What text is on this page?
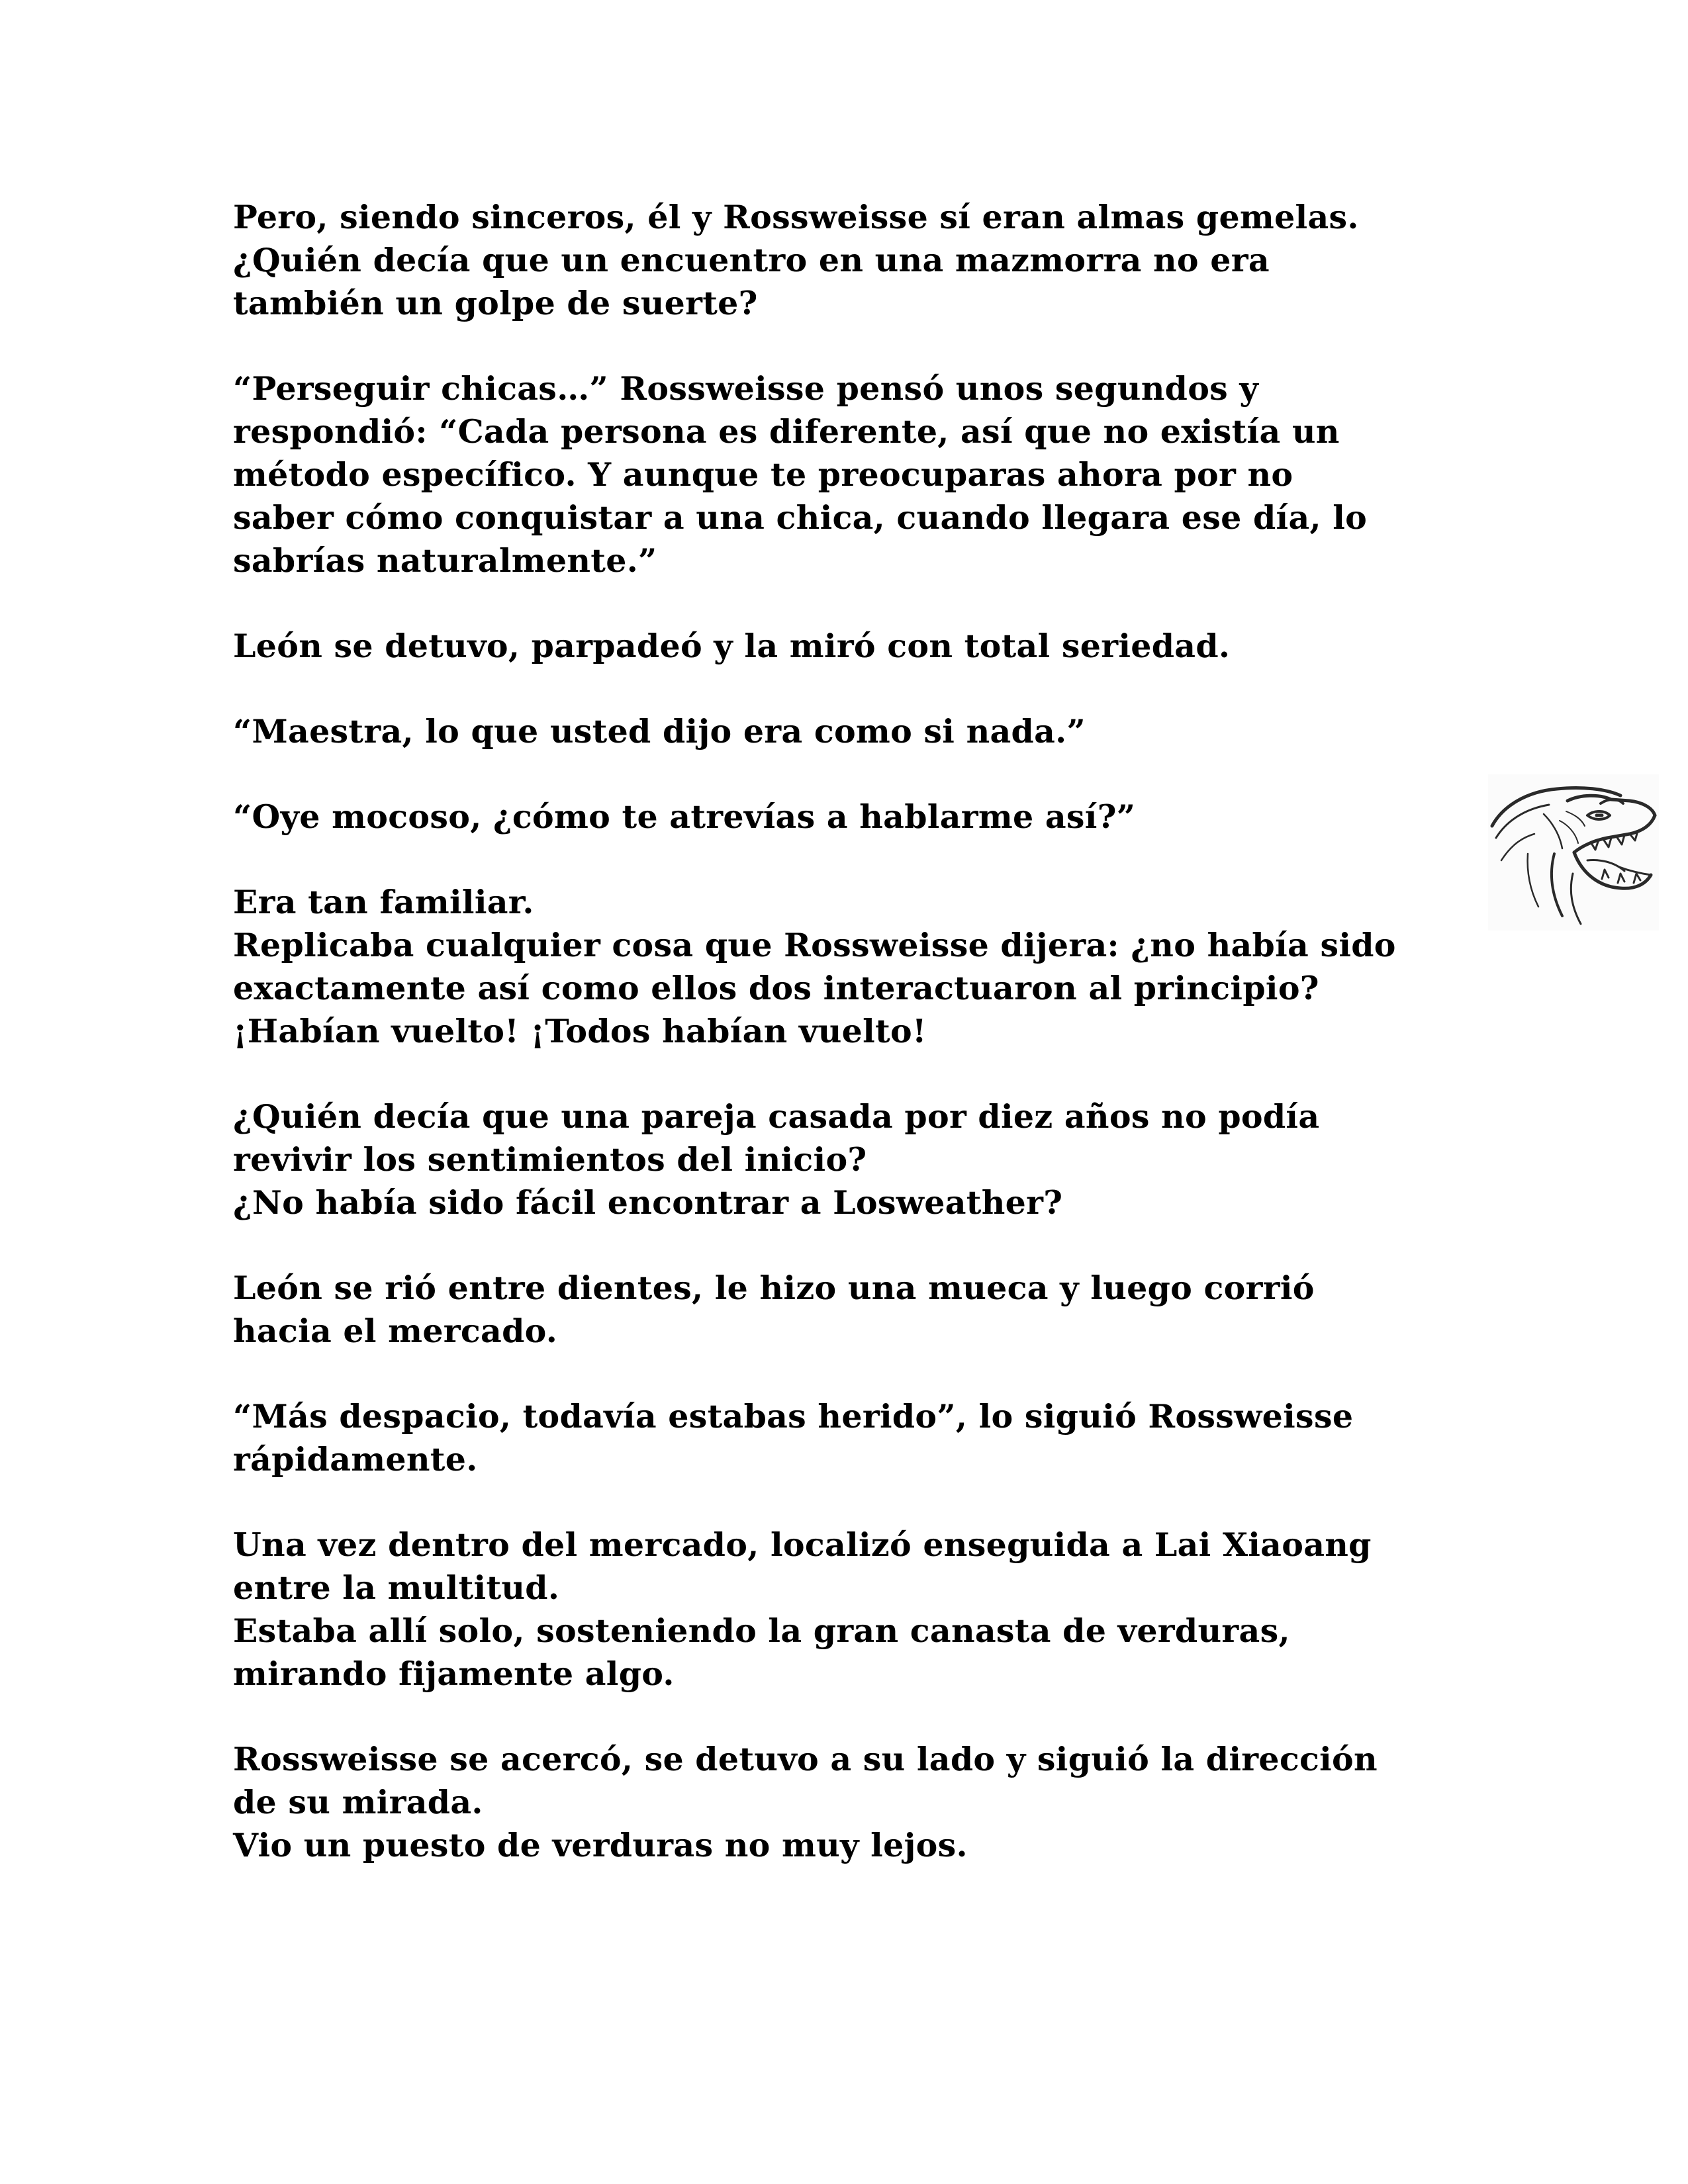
Pero, siendo sinceros, él y Rossweisse sí eran almas gemelas.
¿Quién decía que un encuentro en una mazmorra no era
también un golpe de suerte?

“Perseguir chicas…” Rossweisse pensó unos segundos y
respondió: “Cada persona es diferente, así que no existía un
método específico. Y aunque te preocuparas ahora por no
saber cómo conquistar a una chica, cuando llegara ese día, lo
sabrías naturalmente.”

León se detuvo, parpadeó y la miró con total seriedad.

“Maestra, lo que usted dijo era como si nada.”

“Oye mocoso, ¿cómo te atrevías a hablarme así?”

Era tan familiar.
Replicaba cualquier cosa que Rossweisse dijera: ¿no había sido
exactamente así como ellos dos interactuaron al principio?
¡Habían vuelto! ¡Todos habían vuelto!

¿Quién decía que una pareja casada por diez años no podía
revivir los sentimientos del inicio?
¿No había sido fácil encontrar a Losweather?

León se rió entre dientes, le hizo una mueca y luego corrió
hacia el mercado.

“Más despacio, todavía estabas herido”, lo siguió Rossweisse
rápidamente.

Una vez dentro del mercado, localizó enseguida a Lai Xiaoang
entre la multitud.
Estaba allí solo, sosteniendo la gran canasta de verduras,
mirando fijamente algo.

Rossweisse se acercó, se detuvo a su lado y siguió la dirección
de su mirada.
Vio un puesto de verduras no muy lejos.
